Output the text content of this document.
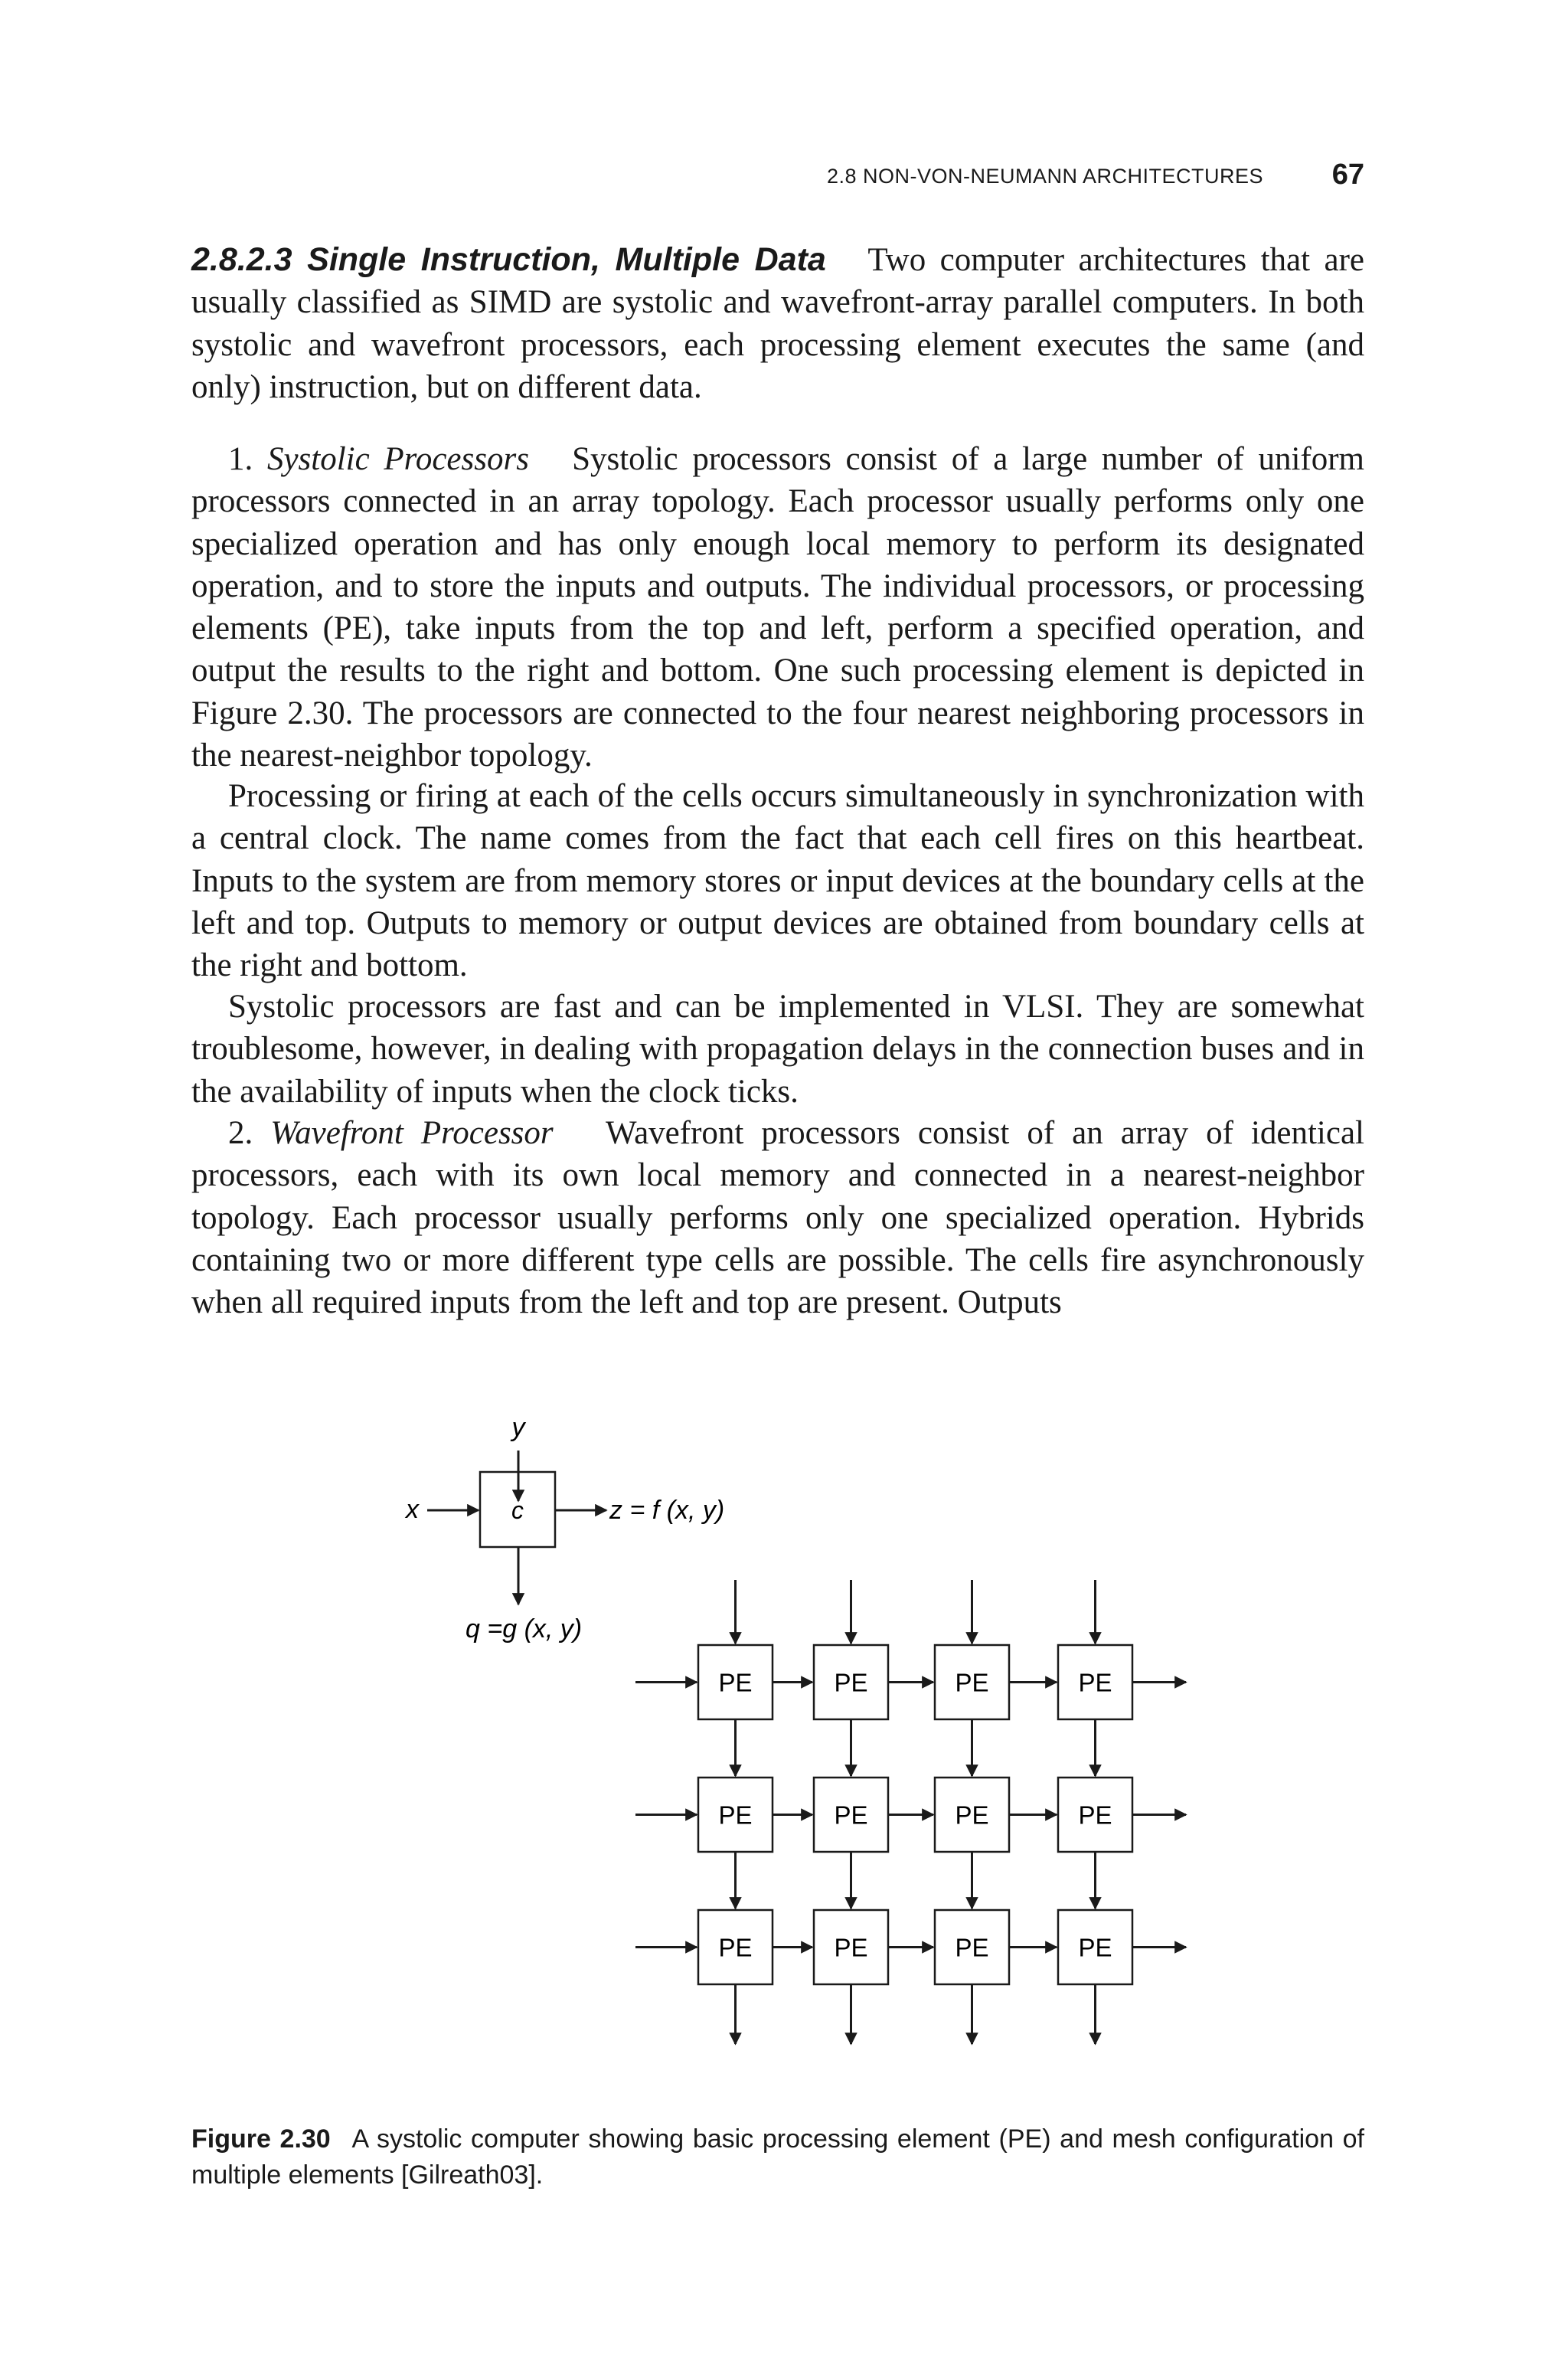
2.8 NON-VON-NEUMANN ARCHITECTURES	67

2.8.2.3 Single Instruction, Multiple Data Two computer architectures that are usually classified as SIMD are systolic and wavefront-array parallel computers. In both systolic and wavefront processors, each processing element executes the same (and only) instruction, but on different data.

1. Systolic Processors Systolic processors consist of a large number of uniform processors connected in an array topology. Each processor usually performs only one specialized operation and has only enough local memory to perform its designated operation, and to store the inputs and outputs. The individual processors, or processing elements (PE), take inputs from the top and left, perform a specified operation, and output the results to the right and bottom. One such processing element is depicted in Figure 2.30. The processors are connected to the four nearest neighboring processors in the nearest-neighbor topology.

Processing or firing at each of the cells occurs simultaneously in synchronization with a central clock. The name comes from the fact that each cell fires on this heartbeat. Inputs to the system are from memory stores or input devices at the boundary cells at the left and top. Outputs to memory or output devices are obtained from boundary cells at the right and bottom.

Systolic processors are fast and can be implemented in VLSI. They are somewhat troublesome, however, in dealing with propagation delays in the connection buses and in the availability of inputs when the clock ticks.

2. Wavefront Processor Wavefront processors consist of an array of identical processors, each with its own local memory and connected in a nearest-neighbor topology. Each processor usually performs only one specialized operation. Hybrids containing two or more different type cells are possible. The cells fire asynchronously when all required inputs from the left and top are present. Outputs

y
x	c	z = f (x, y)
q =g (x, y)
PE	PE	PE	PE
PE	PE	PE	PE
PE	PE	PE	PE
Figure 2.30 A systolic computer showing basic processing element (PE) and mesh configuration of multiple elements [Gilreath03].
